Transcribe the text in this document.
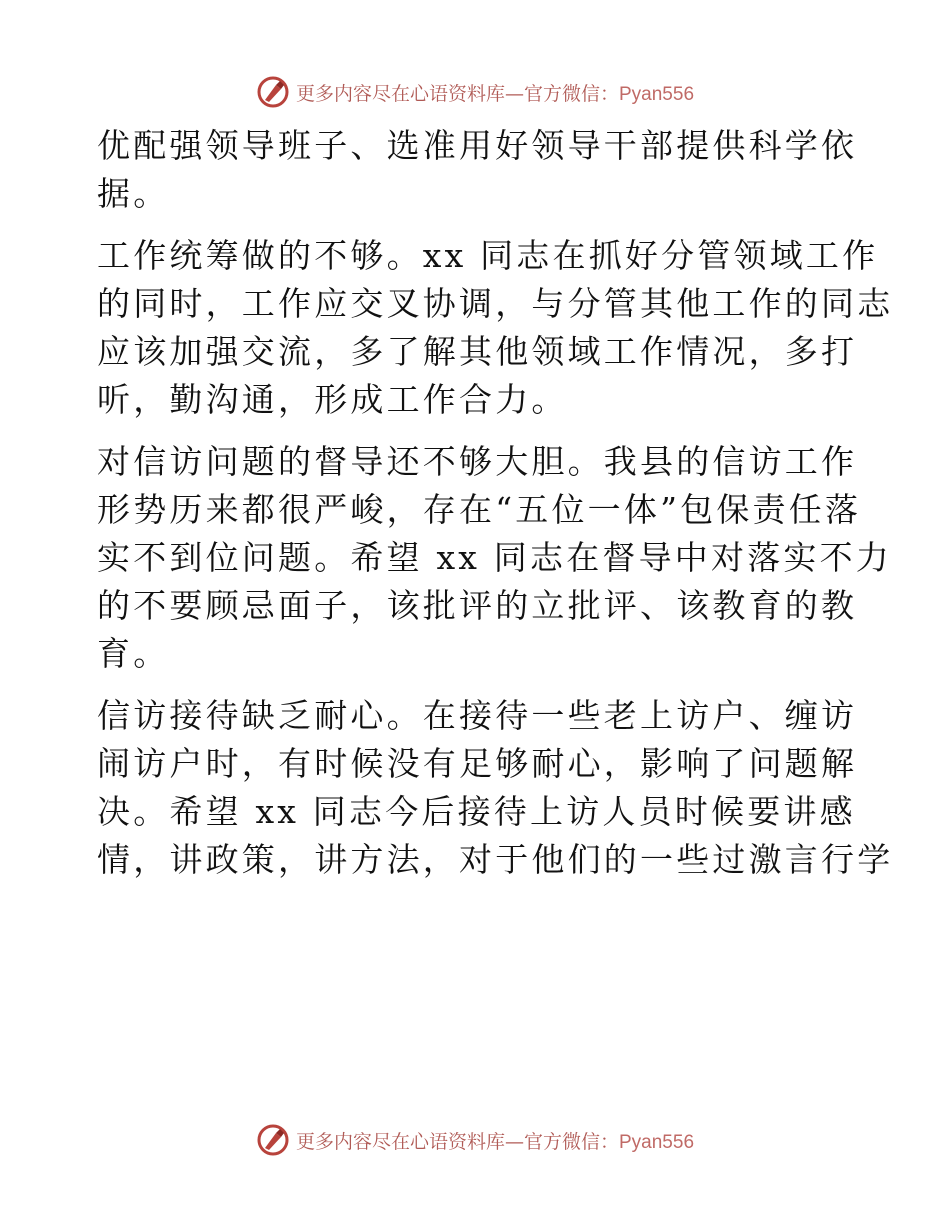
更多内容尽在心语资料库—官方微信：Pyan556

优配强领导班子、选准用好领导干部提供科学依
据。

工作统筹做的不够。xx 同志在抓好分管领域工作
的同时，工作应交叉协调，与分管其他工作的同志
应该加强交流，多了解其他领域工作情况，多打
听，勤沟通，形成工作合力。

对信访问题的督导还不够大胆。我县的信访工作
形势历来都很严峻，存在“五位一体”包保责任落
实不到位问题。希望 xx 同志在督导中对落实不力
的不要顾忌面子，该批评的立批评、该教育的教
育。

信访接待缺乏耐心。在接待一些老上访户、缠访
闹访户时，有时候没有足够耐心，影响了问题解
决。希望 xx 同志今后接待上访人员时候要讲感
情，讲政策，讲方法，对于他们的一些过激言行学

更多内容尽在心语资料库—官方微信：Pyan556
